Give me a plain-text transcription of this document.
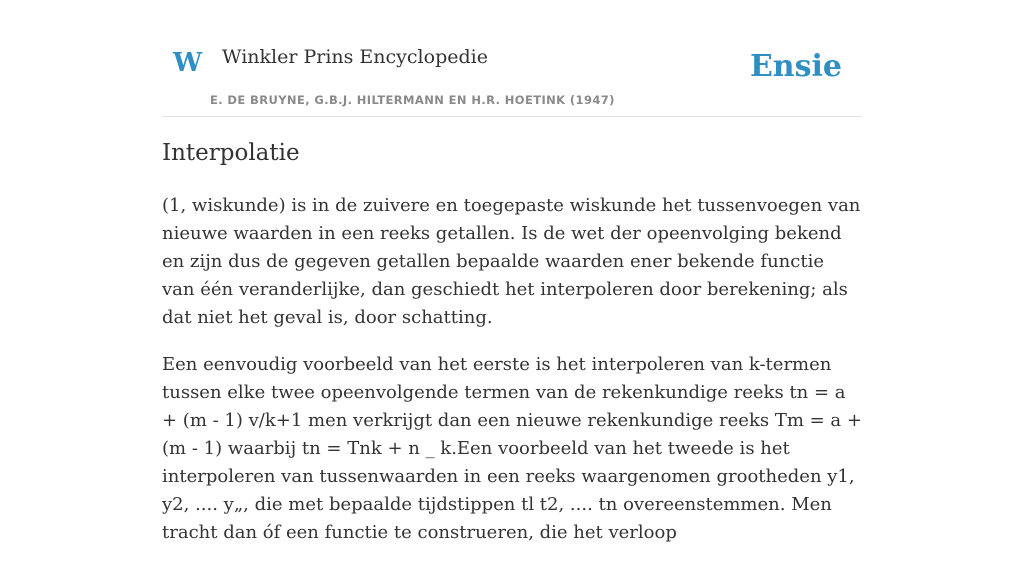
W Winkler Prins Encyclopedie
E. DE BRUYNE, G.B.J. HILTERMANN EN H.R. HOETINK (1947)
Ensie
Interpolatie

(1, wiskunde) is in de zuivere en toegepaste wiskunde het tussenvoegen van nieuwe waarden in een reeks getallen. Is de wet der opeenvolging bekend en zijn dus de gegeven getallen bepaalde waarden ener bekende functie van één veranderlijke, dan geschiedt het interpoleren door berekening; als dat niet het geval is, door schatting.

Een eenvoudig voorbeeld van het eerste is het interpoleren van k-termen tussen elke twee opeenvolgende termen van de rekenkundige reeks tn = a + (m - 1) v/k+1 men verkrijgt dan een nieuwe rekenkundige reeks Tm = a + (m - 1) waarbij tn = Tnk + n _ k.Een voorbeeld van het tweede is het interpoleren van tussenwaarden in een reeks waargenomen grootheden y1, y2, .... y„, die met bepaalde tijdstippen tl t2, .... tn overeenstemmen. Men tracht dan óf een functie te construeren, die het verloop
